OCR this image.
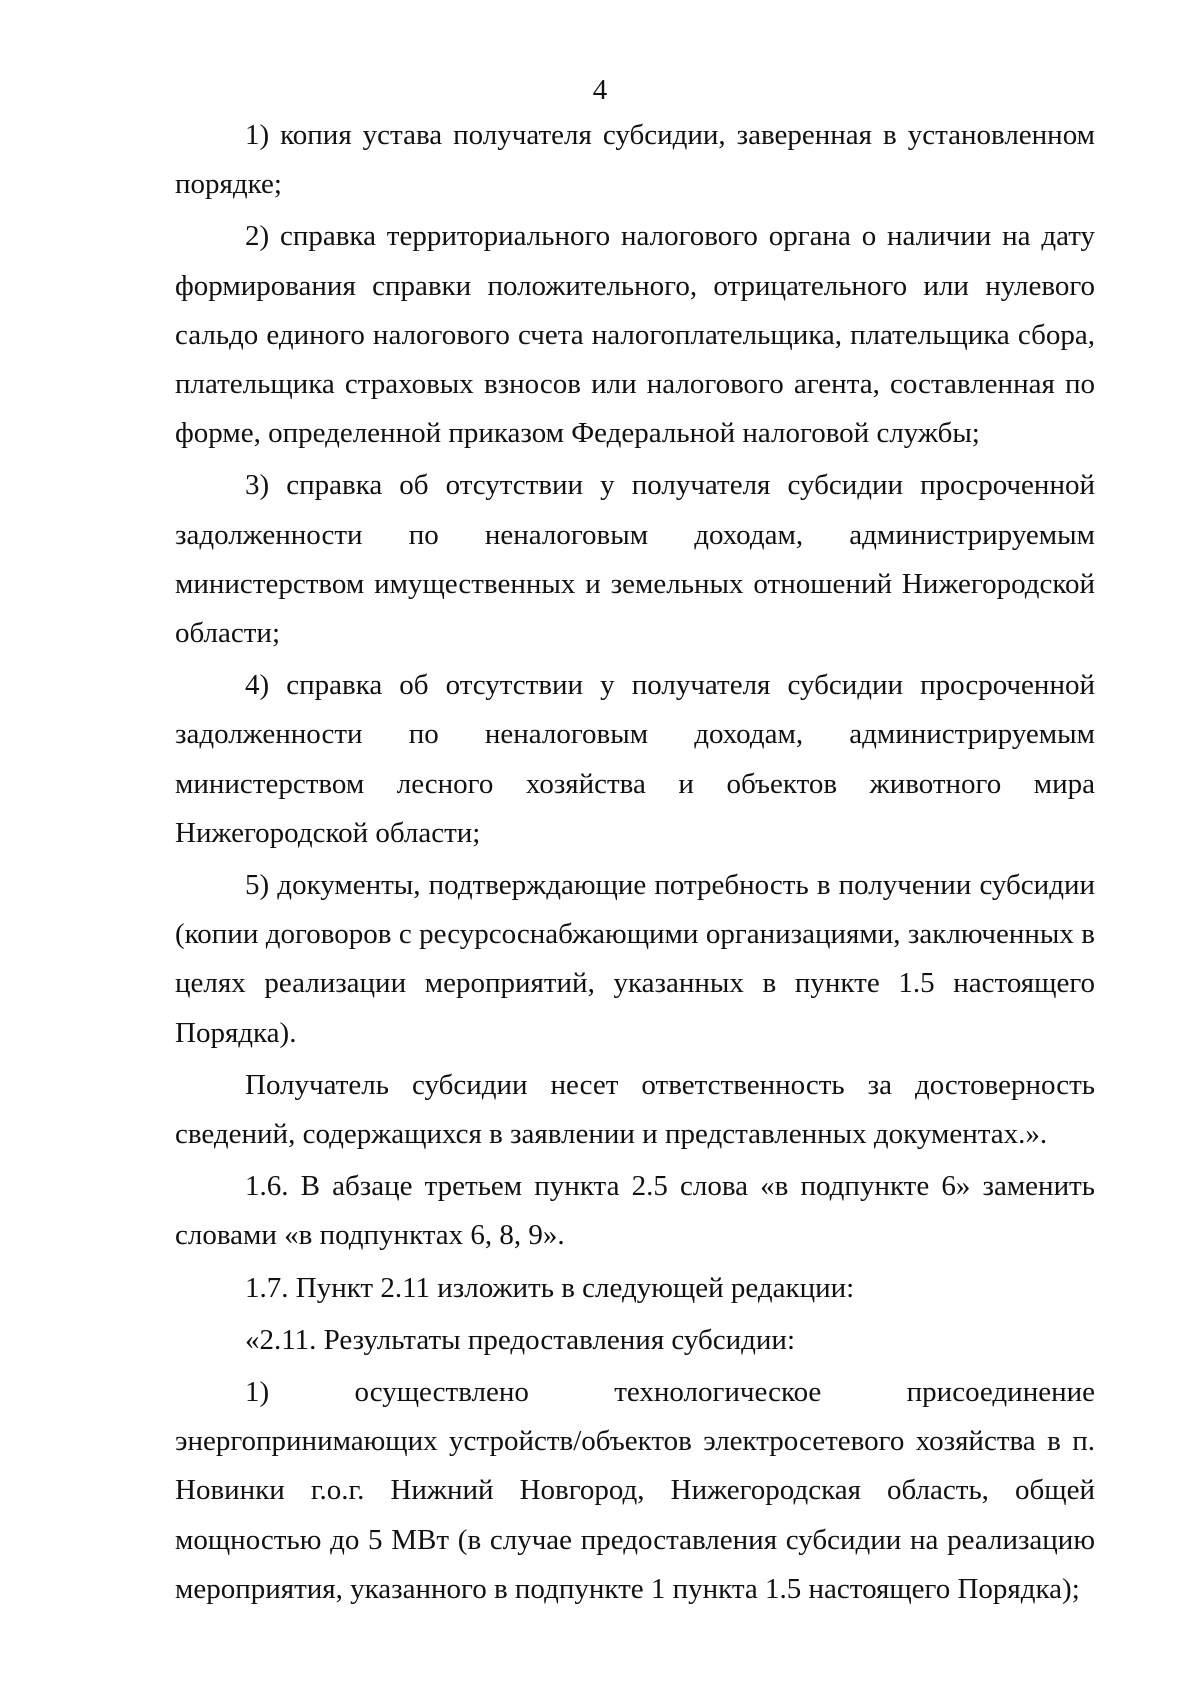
4

1) копия устава получателя субсидии, заверенная в установленном порядке;

2) справка территориального налогового органа о наличии на дату формирования справки положительного, отрицательного или нулевого сальдо единого налогового счета налогоплательщика, плательщика сбора, плательщика страховых взносов или налогового агента, составленная по форме, определенной приказом Федеральной налоговой службы;

3) справка об отсутствии у получателя субсидии просроченной задолженности по неналоговым доходам, администрируемым министерством имущественных и земельных отношений Нижегородской области;

4) справка об отсутствии у получателя субсидии просроченной задолженности по неналоговым доходам, администрируемым министерством лесного хозяйства и объектов животного мира Нижегородской области;

5) документы, подтверждающие потребность в получении субсидии (копии договоров с ресурсоснабжающими организациями, заключенных в целях реализации мероприятий, указанных в пункте 1.5 настоящего Порядка).

Получатель субсидии несет ответственность за достоверность сведений, содержащихся в заявлении и представленных документах.».

1.6. В абзаце третьем пункта 2.5 слова «в подпункте 6» заменить словами «в подпунктах 6, 8, 9».

1.7. Пункт 2.11 изложить в следующей редакции:

«2.11. Результаты предоставления субсидии:

1) осуществлено технологическое присоединение энергопринимающих устройств/объектов электросетевого хозяйства в п. Новинки г.о.г. Нижний Новгород, Нижегородская область, общей мощностью до 5 МВт (в случае предоставления субсидии на реализацию мероприятия, указанного в подпункте 1 пункта 1.5 настоящего Порядка);
